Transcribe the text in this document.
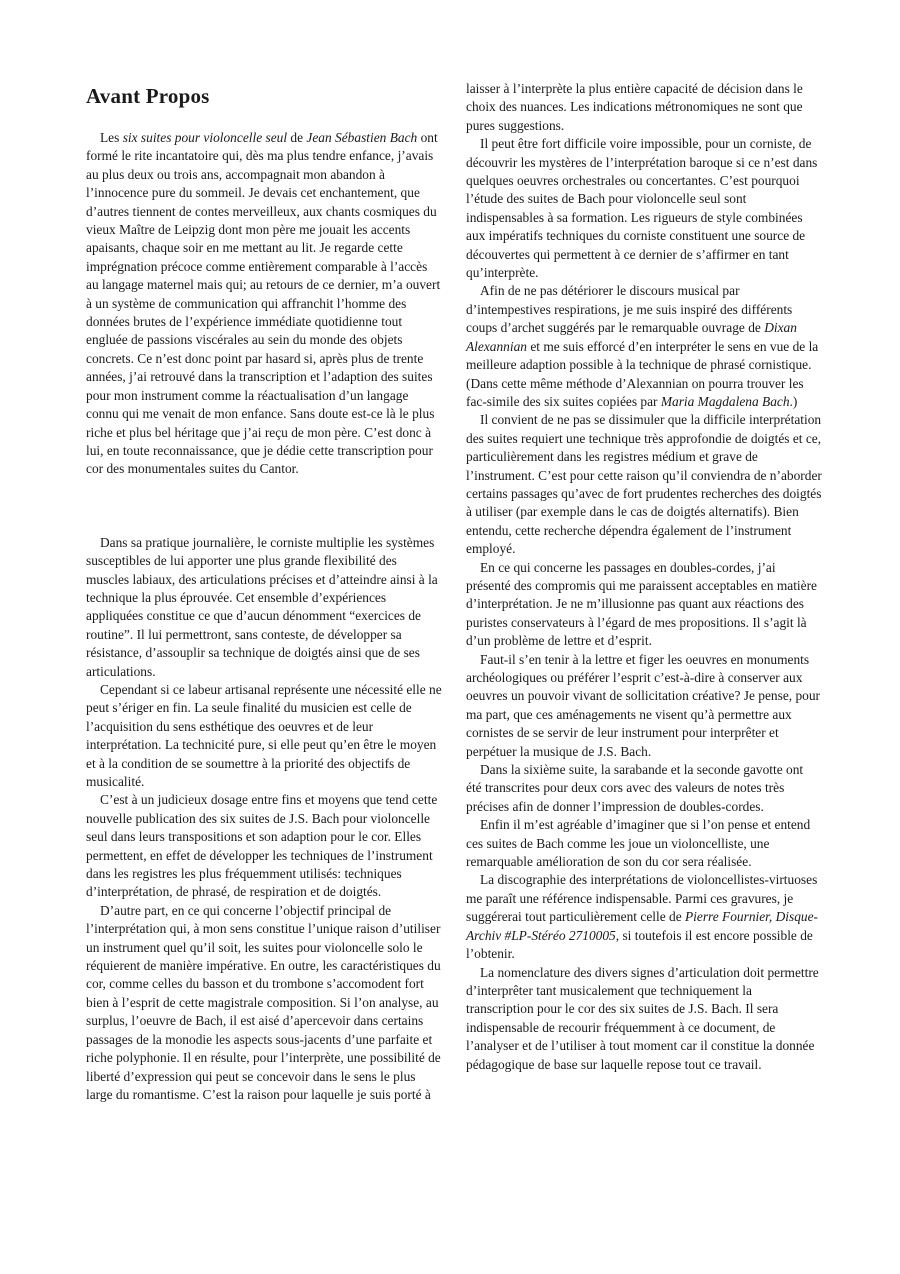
Avant Propos

Les six suites pour violoncelle seul de Jean Sébastien Bach ont formé le rite incantatoire qui, dès ma plus tendre enfance, j’avais au plus deux ou trois ans, accompagnait mon abandon à l’innocence pure du sommeil. Je devais cet enchantement, que d’autres tiennent de contes merveilleux, aux chants cosmiques du vieux Maître de Leipzig dont mon père me jouait les accents apaisants, chaque soir en me mettant au lit. Je regarde cette imprégnation précoce comme entièrement comparable à l’accès au langage maternel mais qui; au retours de ce dernier, m’a ouvert à un système de communication qui affranchit l’homme des données brutes de l’expérience immédiate quotidienne tout engluée de passions viscérales au sein du monde des objets concrets. Ce n’est donc point par hasard si, après plus de trente années, j’ai retrouvé dans la transcription et l’adaption des suites pour mon instrument comme la réactualisation d’un langage connu qui me venait de mon enfance. Sans doute est-ce là le plus riche et plus bel héritage que j’ai reçu de mon père. C’est donc à lui, en toute reconnaissance, que je dédie cette transcription pour cor des monumentales suites du Cantor.

Dans sa pratique journalière, le corniste multiplie les systèmes susceptibles de lui apporter une plus grande flexibilité des muscles labiaux, des articulations précises et d’atteindre ainsi à la technique la plus éprouvée. Cet ensemble d’expériences appliquées constitue ce que d’aucun dénomment “exercices de routine”. Il lui permettront, sans conteste, de développer sa résistance, d’assouplir sa technique de doigtés ainsi que de ses articulations.

Cependant si ce labeur artisanal représente une nécessité elle ne peut s’ériger en fin. La seule finalité du musicien est celle de l’acquisition du sens esthétique des oeuvres et de leur interprétation. La technicité pure, si elle peut qu’en être le moyen et à la condition de se soumettre à la priorité des objectifs de musicalité.

C’est à un judicieux dosage entre fins et moyens que tend cette nouvelle publication des six suites de J.S. Bach pour violoncelle seul dans leurs transpositions et son adaption pour le cor. Elles permettent, en effet de développer les techniques de l’instrument dans les registres les plus fréquemment utilisés: techniques d’interprétation, de phrasé, de respiration et de doigtés.

D’autre part, en ce qui concerne l’objectif principal de l’interprétation qui, à mon sens constitue l’unique raison d’utiliser un instrument quel qu’il soit, les suites pour violoncelle solo le réquierent de manière impérative. En outre, les caractéristiques du cor, comme celles du basson et du trombone s’accomodent fort bien à l’esprit de cette magistrale composition. Si l’on analyse, au surplus, l’oeuvre de Bach, il est aisé d’apercevoir dans certains passages de la monodie les aspects sous-jacents d’une parfaite et riche polyphonie. Il en résulte, pour l’interprète, une possibilité de liberté d’expression qui peut se concevoir dans le sens le plus large du romantisme. C’est la raison pour laquelle je suis porté à

laisser à l’interprète la plus entière capacité de décision dans le choix des nuances. Les indications métronomiques ne sont que pures suggestions.

Il peut être fort difficile voire impossible, pour un corniste, de découvrir les mystères de l’interprétation baroque si ce n’est dans quelques oeuvres orchestrales ou concertantes. C’est pourquoi l’étude des suites de Bach pour violoncelle seul sont indispensables à sa formation. Les rigueurs de style combinées aux impératifs techniques du corniste constituent une source de découvertes qui permettent à ce dernier de s’affirmer en tant qu’interprète.

Afin de ne pas détériorer le discours musical par d’intempestives respirations, je me suis inspiré des différents coups d’archet suggérés par le remarquable ouvrage de Dixan Alexannian et me suis efforcé d’en interpréter le sens en vue de la meilleure adaption possible à la technique de phrasé cornistique. (Dans cette même méthode d’Alexannian on pourra trouver les fac-simile des six suites copiées par Maria Magdalena Bach.)

Il convient de ne pas se dissimuler que la difficile interprétation des suites requiert une technique très approfondie de doigtés et ce, particulièrement dans les registres médium et grave de l’instrument. C’est pour cette raison qu’il conviendra de n’aborder certains passages qu’avec de fort prudentes recherches des doigtés à utiliser (par exemple dans le cas de doigtés alternatifs). Bien entendu, cette recherche dépendra également de l’instrument employé.

En ce qui concerne les passages en doubles-cordes, j’ai présenté des compromis qui me paraissent acceptables en matière d’interprétation. Je ne m’illusionne pas quant aux réactions des puristes conservateurs à l’égard de mes propositions. Il s’agit là d’un problème de lettre et d’esprit.

Faut-il s’en tenir à la lettre et figer les oeuvres en monuments archéologiques ou préférer l’esprit c’est-à-dire à conserver aux oeuvres un pouvoir vivant de sollicitation créative? Je pense, pour ma part, que ces aménagements ne visent qu’à permettre aux cornistes de se servir de leur instrument pour interprêter et perpétuer la musique de J.S. Bach.

Dans la sixième suite, la sarabande et la seconde gavotte ont été transcrites pour deux cors avec des valeurs de notes très précises afin de donner l’impression de doubles-cordes.

Enfin il m’est agréable d’imaginer que si l’on pense et entend ces suites de Bach comme les joue un violoncelliste, une remarquable amélioration de son du cor sera réalisée.

La discographie des interprétations de violoncellistes-virtuoses me paraît une référence indispensable. Parmi ces gravures, je suggérerai tout particulièrement celle de Pierre Fournier, Disque-Archiv #LP-Stéréo 2710005, si toutefois il est encore possible de l’obtenir.

La nomenclature des divers signes d’articulation doit permettre d’interprêter tant musicalement que techniquement la transcription pour le cor des six suites de J.S. Bach. Il sera indispensable de recourir fréquemment à ce document, de l’analyser et de l’utiliser à tout moment car il constitue la donnée pédagogique de base sur laquelle repose tout ce travail.
